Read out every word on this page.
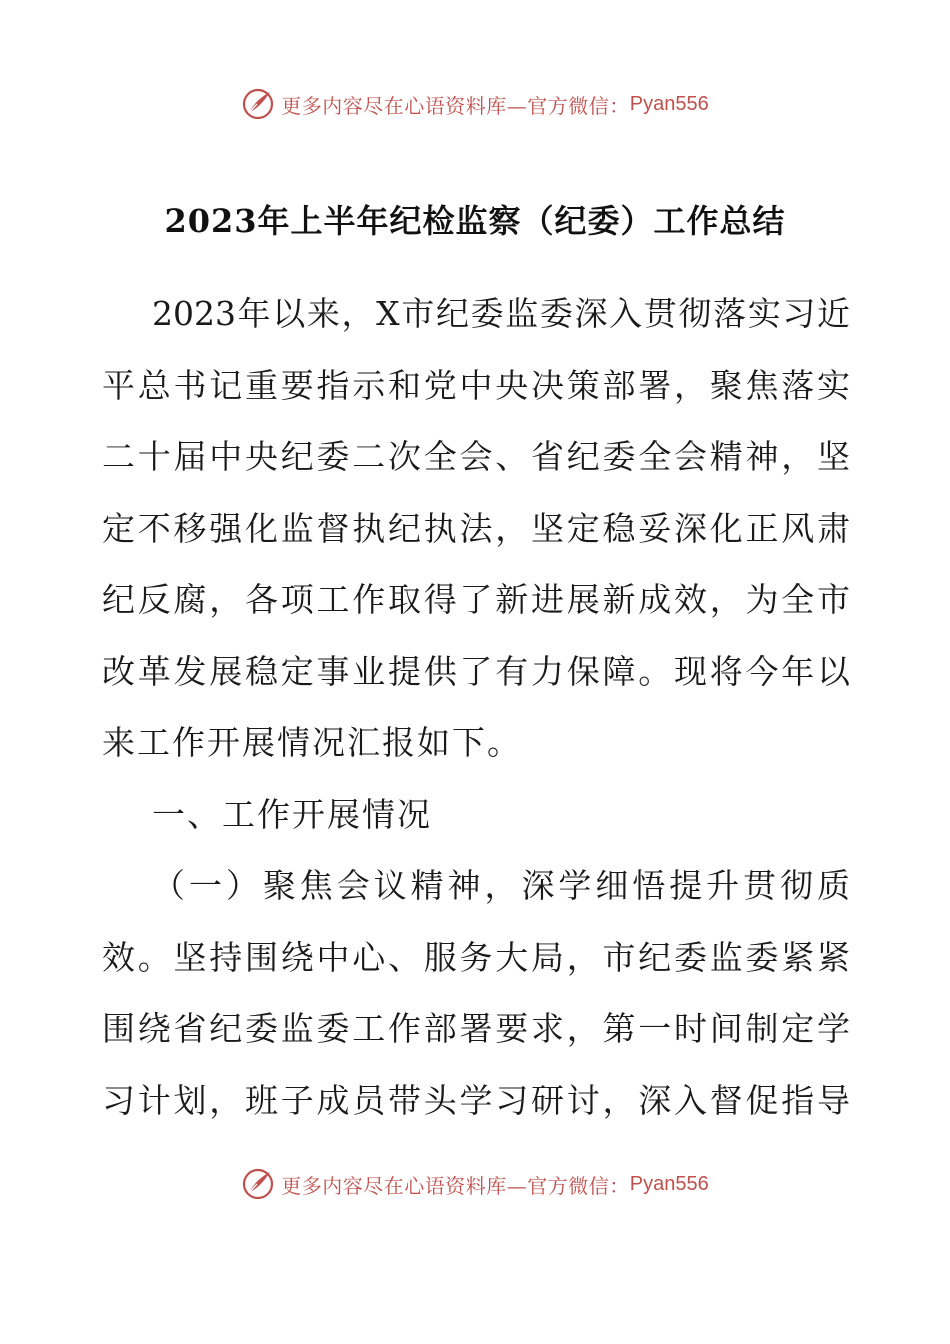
更多内容尽在心语资料库—官方微信： Pyan556
2023年上半年纪检监察（纪委）工作总结
2023年以来，X市纪委监委深入贯彻落实习近
平总书记重要指示和党中央决策部署，聚焦落实
二十届中央纪委二次全会、省纪委全会精神，坚
定不移强化监督执纪执法，坚定稳妥深化正风肃
纪反腐，各项工作取得了新进展新成效，为全市
改革发展稳定事业提供了有力保障。现将今年以
来工作开展情况汇报如下。
一、工作开展情况
（一）聚焦会议精神，深学细悟提升贯彻质
效。坚持围绕中心、服务大局，市纪委监委紧紧
围绕省纪委监委工作部署要求，第一时间制定学
习计划，班子成员带头学习研讨，深入督促指导
更多内容尽在心语资料库—官方微信： Pyan556
